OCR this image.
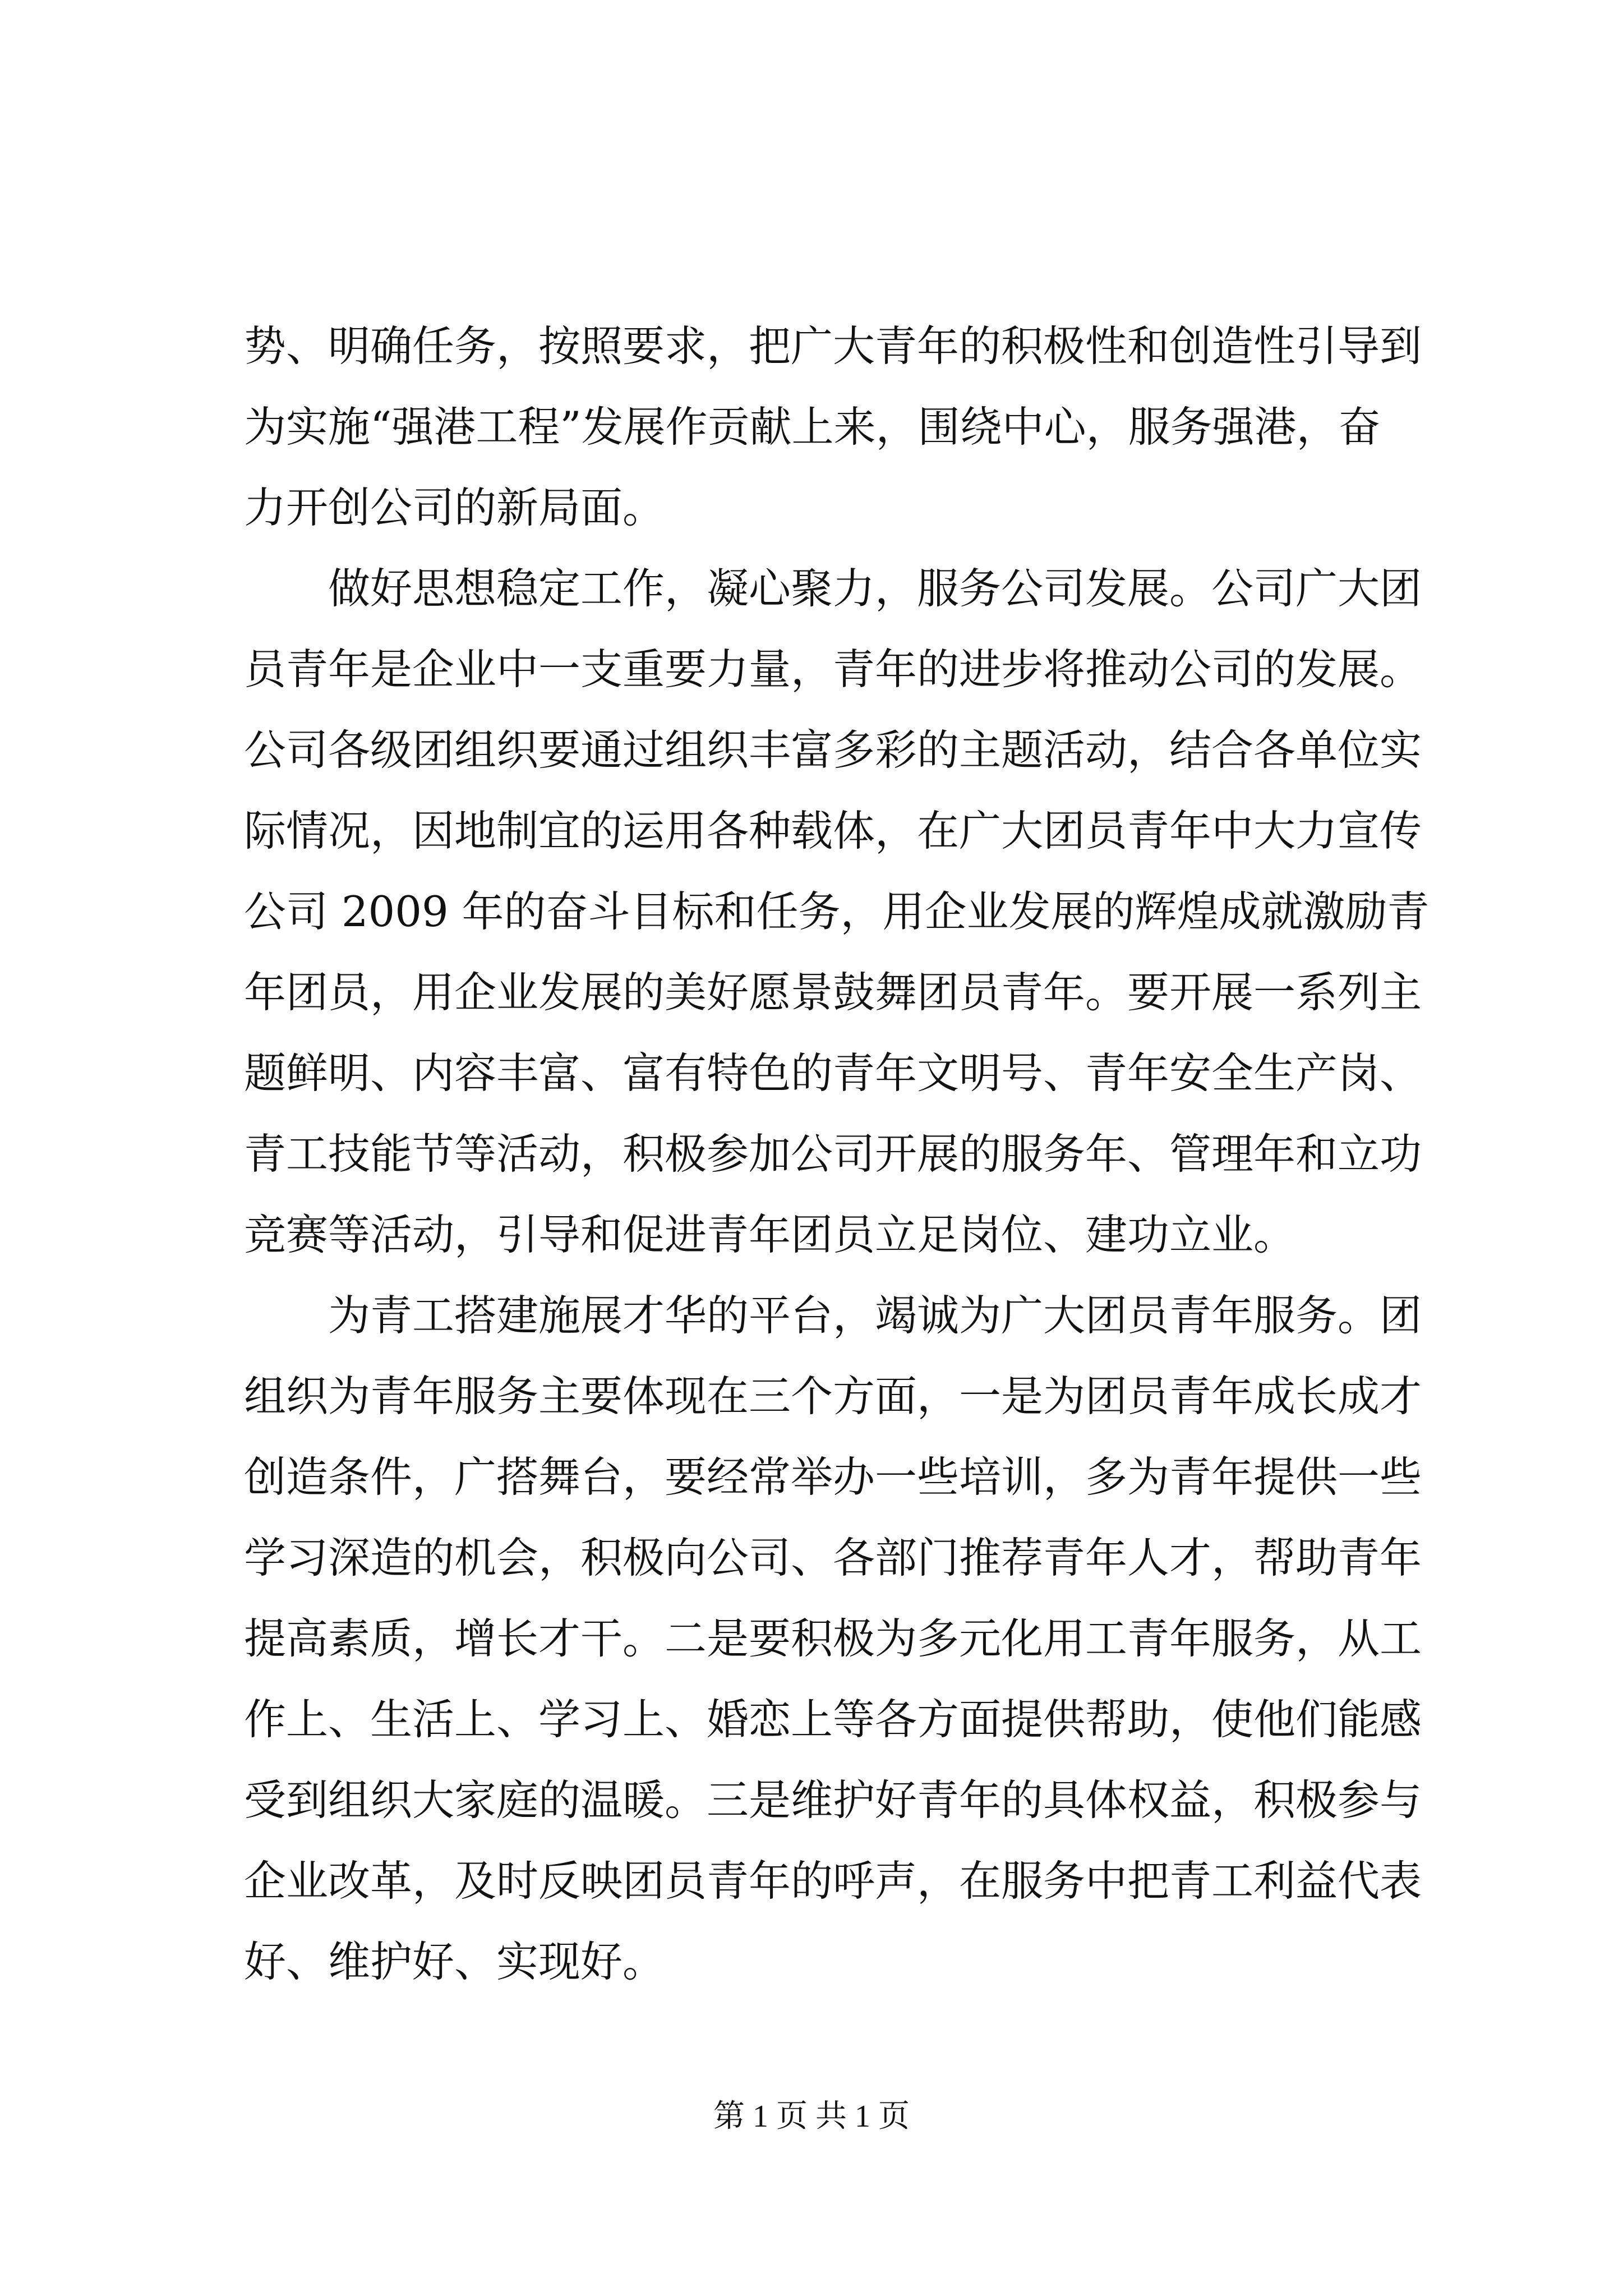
势、明确任务，按照要求，把广大青年的积极性和创造性引导到
为实施“强港工程”发展作贡献上来，围绕中心，服务强港，奋
力开创公司的新局面。
做好思想稳定工作，凝心聚力，服务公司发展。公司广大团
员青年是企业中一支重要力量，青年的进步将推动公司的发展。
公司各级团组织要通过组织丰富多彩的主题活动，结合各单位实
际情况，因地制宜的运用各种载体，在广大团员青年中大力宣传
公司 2009 年的奋斗目标和任务，用企业发展的辉煌成就激励青
年团员，用企业发展的美好愿景鼓舞团员青年。要开展一系列主
题鲜明、内容丰富、富有特色的青年文明号、青年安全生产岗、
青工技能节等活动，积极参加公司开展的服务年、管理年和立功
竞赛等活动，引导和促进青年团员立足岗位、建功立业。
为青工搭建施展才华的平台，竭诚为广大团员青年服务。团
组织为青年服务主要体现在三个方面，一是为团员青年成长成才
创造条件，广搭舞台，要经常举办一些培训，多为青年提供一些
学习深造的机会，积极向公司、各部门推荐青年人才，帮助青年
提高素质，增长才干。二是要积极为多元化用工青年服务，从工
作上、生活上、学习上、婚恋上等各方面提供帮助，使他们能感
受到组织大家庭的温暖。三是维护好青年的具体权益，积极参与
企业改革，及时反映团员青年的呼声，在服务中把青工利益代表
好、维护好、实现好。
第 1 页 共 1 页
